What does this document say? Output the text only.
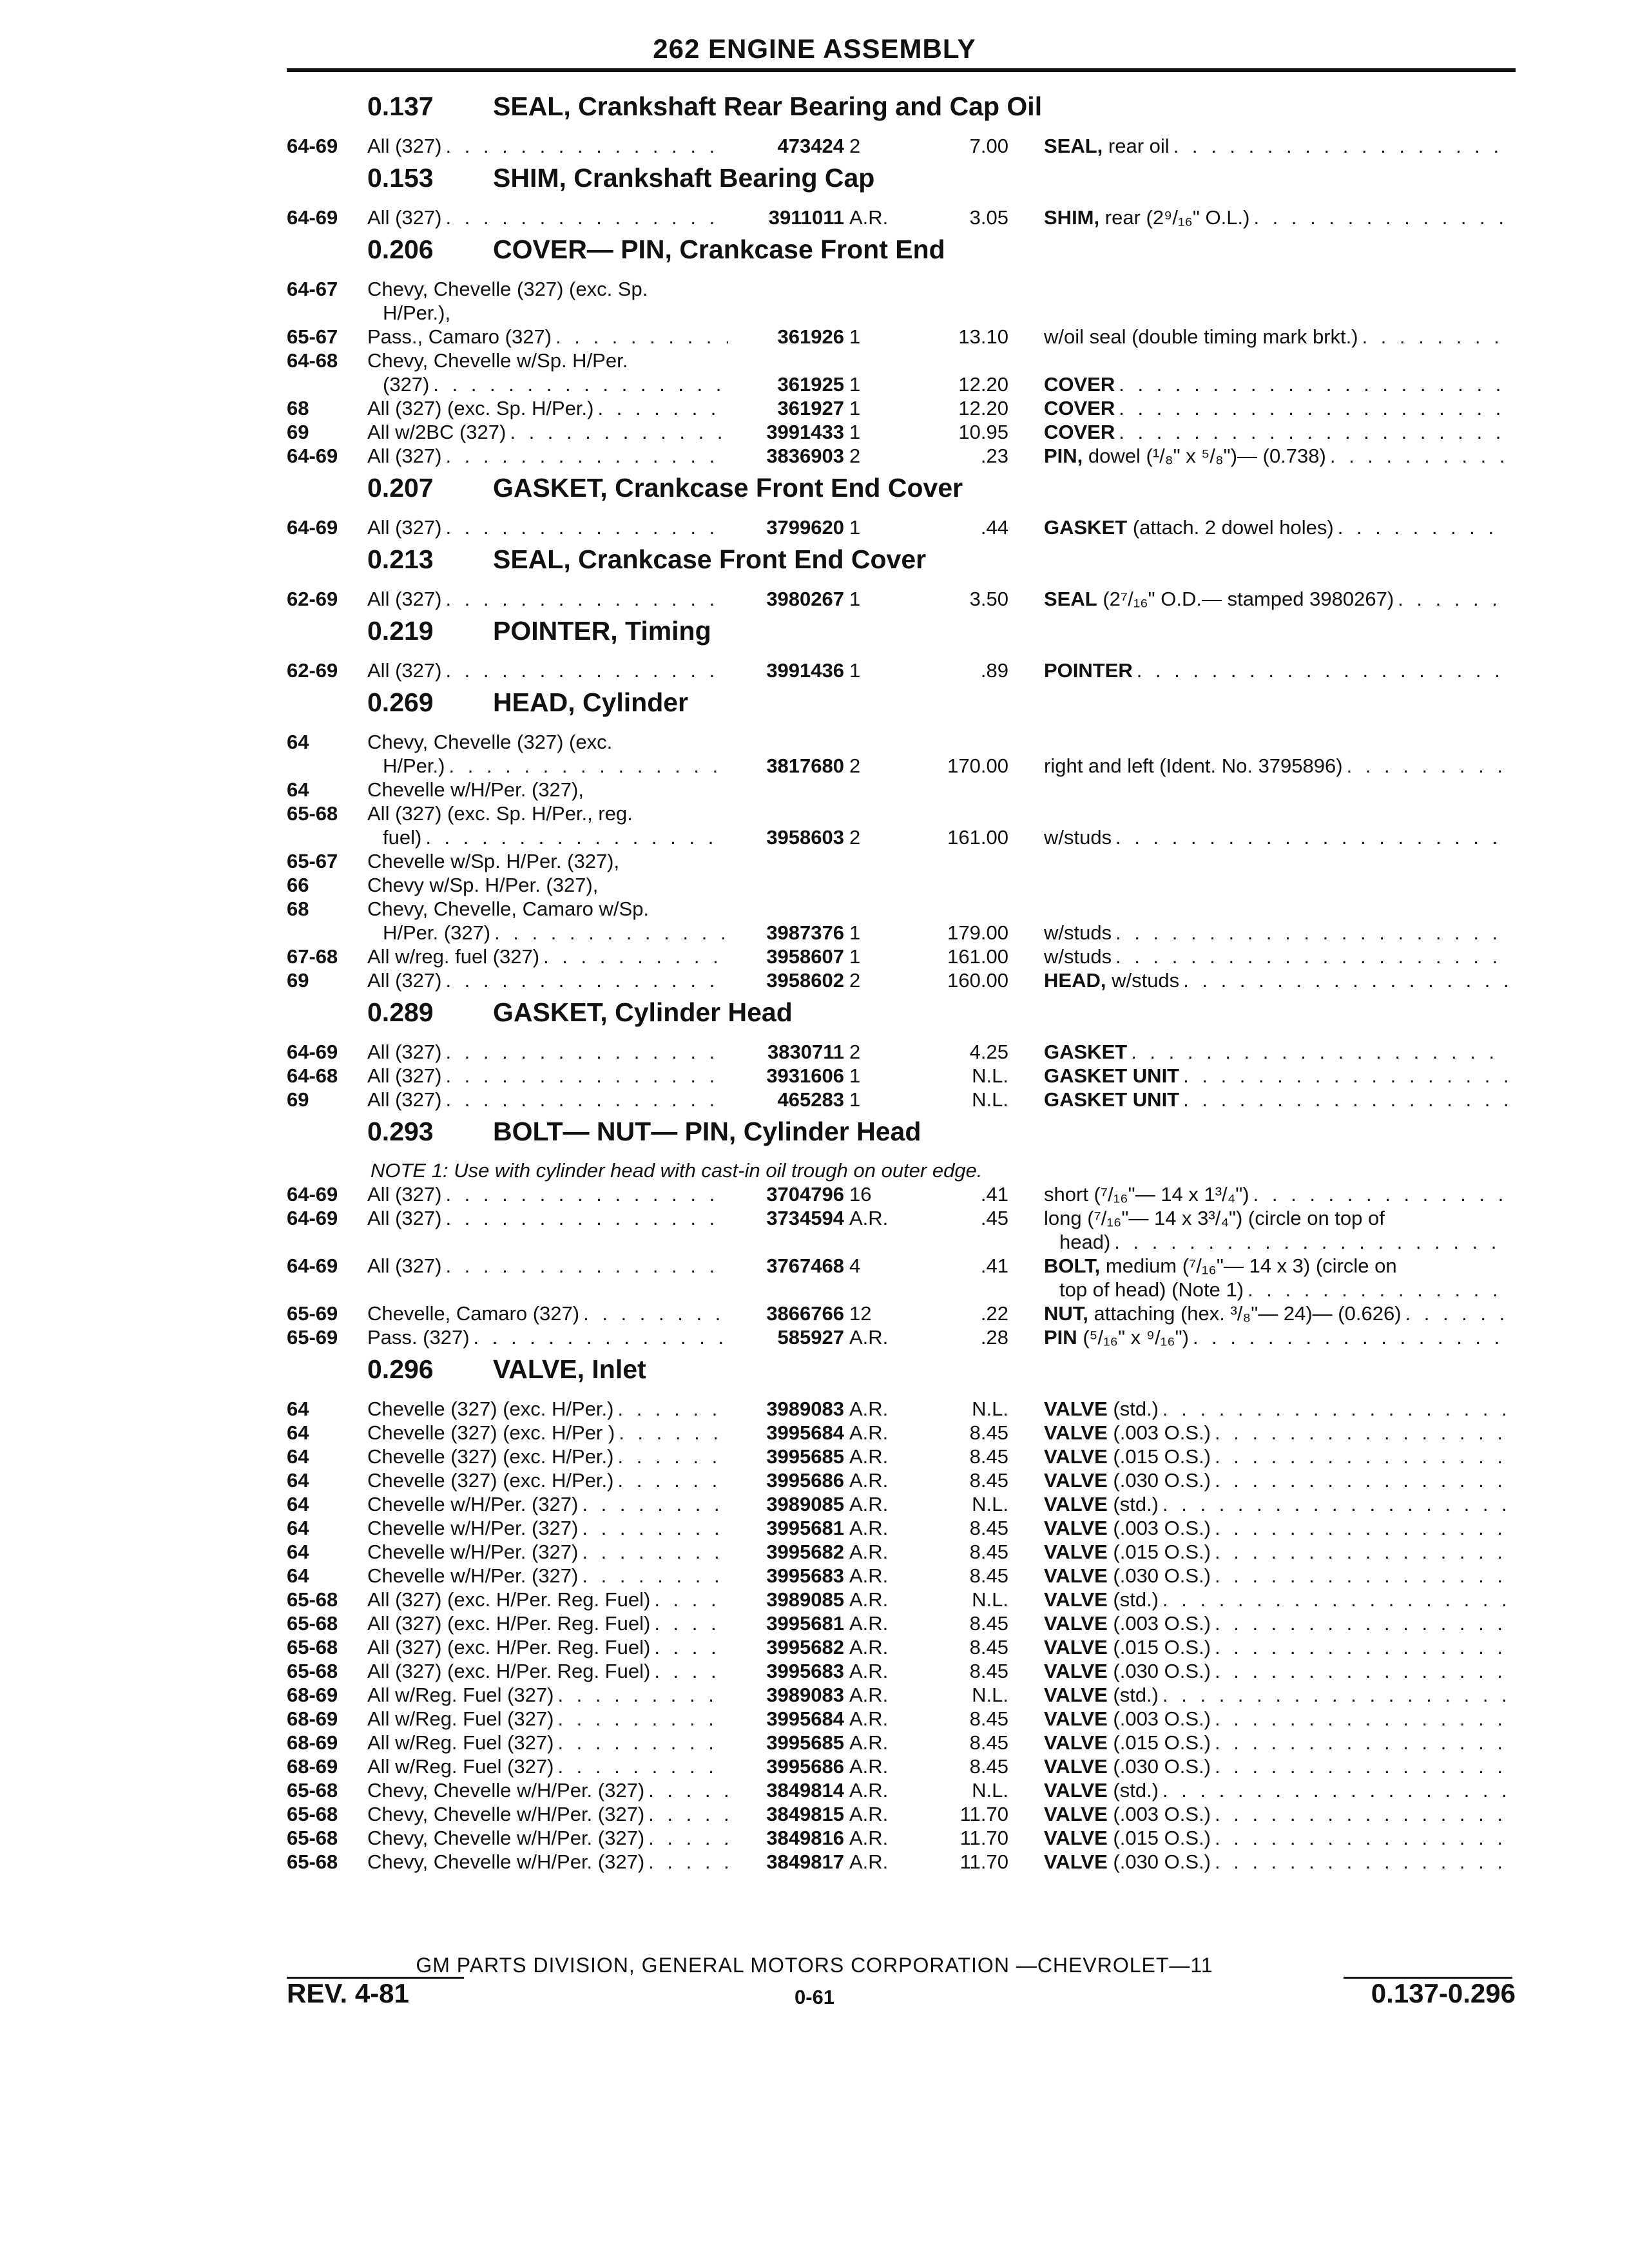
262 ENGINE ASSEMBLY
0.137 SEAL, Crankshaft Rear Bearing and Cap Oil
64-69 All (327) . . .	473424 2	7.00 SEAL, rear oil
. . .
0.153 SHIM, Crankshaft Bearing Cap
64-69 All (327) . . .	3911011 A.R.	3.05 SHIM, rear (2⁹/₁₆" O.L.)
. . .
0.206 COVER— PIN, Crankcase Front End
64-67 Chevy, Chevelle (327) (exc. Sp.
H/Per.),
65-67 Pass., Camaro (327) . . .	361926 1	13.10 w/oil seal (double timing mark brkt.)
. . .
64-68 Chevy, Chevelle w/Sp. H/Per.
(327) . . .	361925 1	12.20 COVER
. . .
68	All (327) (exc. Sp. H/Per.) . . .	361927 1	12.20 COVER
. . .
69	All w/2BC (327) . . .	3991433 1	10.95 COVER
. . .
64-69 All (327) . . .	3836903 2	.23 PIN, dowel (¹/₈" x ⁵/₈")— (0.738)
. . .
0.207 GASKET, Crankcase Front End Cover
64-69 All (327) . . .	3799620 1	.44 GASKET (attach. 2 dowel holes)
. . .
0.213 SEAL, Crankcase Front End Cover
62-69 All (327) . . .	3980267 1	3.50 SEAL (2⁷/₁₆" O.D.— stamped 3980267)
. . .
0.219 POINTER, Timing
62-69 All (327) . . .	3991436 1	.89 POINTER
. . .
0.269 HEAD, Cylinder
64	Chevy, Chevelle (327) (exc.
H/Per.) . . .	3817680 2	170.00 right and left (Ident. No. 3795896)
. . .
64	Chevelle w/H/Per. (327),
65-68 All (327) (exc. Sp. H/Per., reg.
fuel) . . .	3958603 2	161.00 w/studs
. . .
65-67 Chevelle w/Sp. H/Per. (327),
66	Chevy w/Sp. H/Per. (327),
68	Chevy, Chevelle, Camaro w/Sp.
H/Per. (327) . . .	3987376 1	179.00 w/studs
. . .
67-68 All w/reg. fuel (327) . . .	3958607 1	161.00 w/studs
. . .
69	All (327) . . .	3958602 2	160.00 HEAD, w/studs
. . .
0.289 GASKET, Cylinder Head
64-69 All (327) . . .	3830711 2	4.25 GASKET
. . .
64-68 All (327) . . .	3931606 1	N.L. GASKET UNIT
. . .
69	All (327) . . .	465283 1	N.L. GASKET UNIT
. . .
0.293 BOLT— NUT— PIN, Cylinder Head
NOTE 1: Use with cylinder head with cast-in oil trough on outer edge.
64-69 All (327) . . .	3704796 16	.41 short (⁷/₁₆"— 14 x 1³/₄")
. . .
64-69 All (327) . . .	3734594 A.R.	.45 long (⁷/₁₆"— 14 x 3³/₄") (circle on top of
head)
. . .
64-69 All (327) . . .	3767468 4	.41 BOLT, medium (⁷/₁₆"— 14 x 3) (circle on
top of head) (Note 1)
. . .
65-69 Chevelle, Camaro (327) . . .	3866766 12	.22 NUT, attaching (hex. ³/₈"— 24)— (0.626)
. . .
65-69 Pass. (327) . . .	585927 A.R.	.28 PIN (⁵/₁₆" x ⁹/₁₆")
. . .
0.296 VALVE, Inlet
64	Chevelle (327) (exc. H/Per.) . . .	3989083 A.R.	N.L. VALVE (std.)
. . .
64	Chevelle (327) (exc. H/Per ) . . .	3995684 A.R.	8.45 VALVE (.003 O.S.)
. . .
64	Chevelle (327) (exc. H/Per.) . . .	3995685 A.R.	8.45 VALVE (.015 O.S.)
. . .
64	Chevelle (327) (exc. H/Per.) . . .	3995686 A.R.	8.45 VALVE (.030 O.S.)
. . .
64	Chevelle w/H/Per. (327) . . .	3989085 A.R.	N.L. VALVE (std.)
. . .
64	Chevelle w/H/Per. (327) . . .	3995681 A.R.	8.45 VALVE (.003 O.S.)
. . .
64	Chevelle w/H/Per. (327) . . .	3995682 A.R.	8.45 VALVE (.015 O.S.)
. . .
64	Chevelle w/H/Per. (327) . . .	3995683 A.R.	8.45 VALVE (.030 O.S.)
. . .
65-68 All (327) (exc. H/Per. Reg. Fuel) . . .	3989085 A.R.	N.L. VALVE (std.)
. . .
65-68 All (327) (exc. H/Per. Reg. Fuel) . . .	3995681 A.R.	8.45 VALVE (.003 O.S.)
. . .
65-68 All (327) (exc. H/Per. Reg. Fuel) . . .	3995682 A.R.	8.45 VALVE (.015 O.S.)
. . .
65-68 All (327) (exc. H/Per. Reg. Fuel) . . .	3995683 A.R.	8.45 VALVE (.030 O.S.)
. . .
68-69 All w/Reg. Fuel (327) . . .	3989083 A.R.	N.L. VALVE (std.)
. . .
68-69 All w/Reg. Fuel (327) . . .	3995684 A.R.	8.45 VALVE (.003 O.S.)
. . .
68-69 All w/Reg. Fuel (327) . . .	3995685 A.R.	8.45 VALVE (.015 O.S.)
. . .
68-69 All w/Reg. Fuel (327) . . .	3995686 A.R.	8.45 VALVE (.030 O.S.)
. . .
65-68 Chevy, Chevelle w/H/Per. (327) . . .	3849814 A.R.	N.L. VALVE (std.)
. . .
65-68 Chevy, Chevelle w/H/Per. (327) . . .	3849815 A.R.	11.70 VALVE (.003 O.S.)
. . .
65-68 Chevy, Chevelle w/H/Per. (327) . . .	3849816 A.R.	11.70 VALVE (.015 O.S.)
. . .
65-68 Chevy, Chevelle w/H/Per. (327) . . .	3849817 A.R.	11.70 VALVE (.030 O.S.)
. . .
GM PARTS DIVISION, GENERAL MOTORS CORPORATION —CHEVROLET—11
REV. 4-81	0-61	0.137-0.296
